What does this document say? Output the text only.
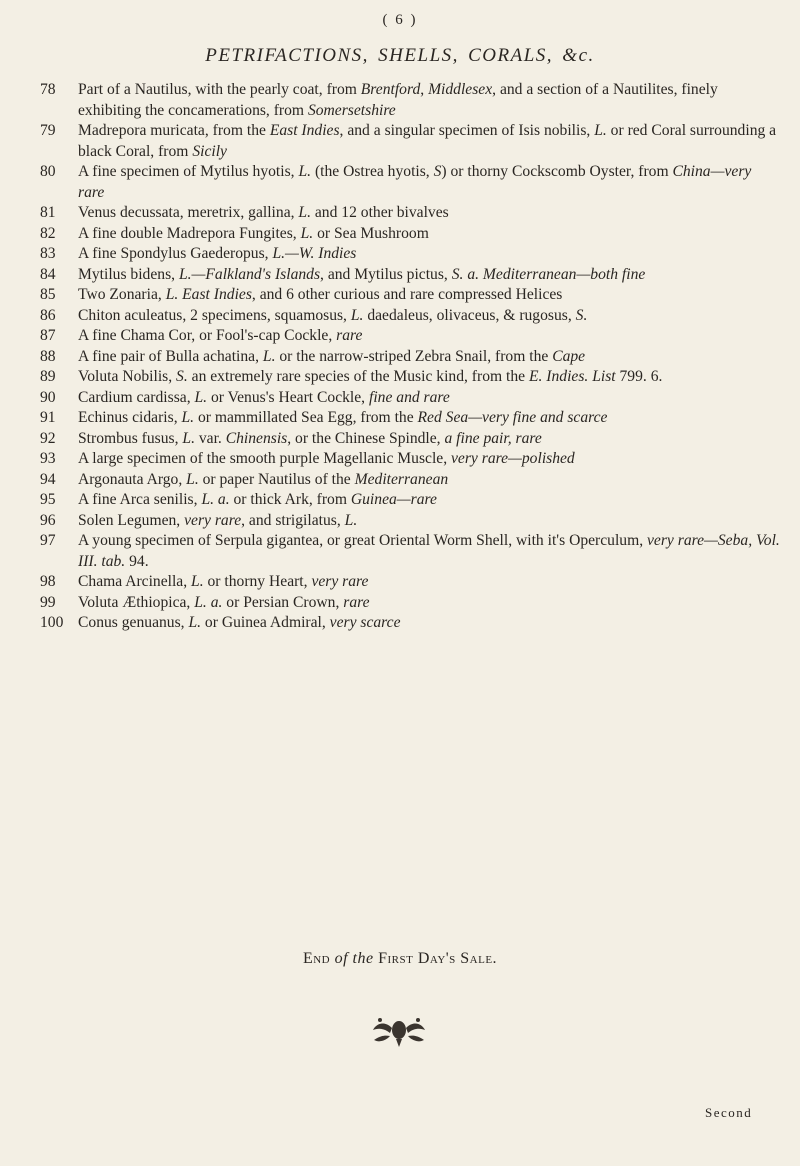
( 6 )
PETRIFACTIONS, SHELLS, CORALS, &c.
78	Part of a Nautilus, with the pearly coat, from Brentford, Middlesex, and a section of a Nautilites, finely exhibiting the concamerations, from Somersetshire
79	Madrepora muricata, from the East Indies, and a singular specimen of Isis nobilis, L. or red Coral surrounding a black Coral, from Sicily
80	A fine specimen of Mytilus hyotis, L. (the Ostrea hyotis, S) or thorny Cockscomb Oyster, from China—very rare
81	Venus decussata, meretrix, gallina, L. and 12 other bivalves
82	A fine double Madrepora Fungites, L. or Sea Mushroom
83	A fine Spondylus Gaederopus, L.—W. Indies
84	Mytilus bidens, L.—Falkland's Islands, and Mytilus pictus, S. a. Mediterranean—both fine
85	Two Zonaria, L. East Indies, and 6 other curious and rare compressed Helices
86	Chiton aculeatus, 2 specimens, squamosus, L. daedaleus, olivaceus, & rugosus, S.
87	A fine Chama Cor, or Fool's-cap Cockle, rare
88	A fine pair of Bulla achatina, L. or the narrow-striped Zebra Snail, from the Cape
89	Voluta Nobilis, S. an extremely rare species of the Music kind, from the E. Indies. List 799. 6.
90	Cardium cardissa, L. or Venus's Heart Cockle, fine and rare
91	Echinus cidaris, L. or mammillated Sea Egg, from the Red Sea—very fine and scarce
92	Strombus fusus, L. var. Chinensis, or the Chinese Spindle, a fine pair, rare
93	A large specimen of the smooth purple Magellanic Muscle, very rare—polished
94	Argonauta Argo, L. or paper Nautilus of the Mediterranean
95	A fine Arca senilis, L. a. or thick Ark, from Guinea—rare
96	Solen Legumen, very rare, and strigilatus, L.
97	A young specimen of Serpula gigantea, or great Oriental Worm Shell, with it's Operculum, very rare—Seba, Vol. III. tab. 94.
98	Chama Arcinella, L. or thorny Heart, very rare
99	Voluta Æthiopica, L. a. or Persian Crown, rare
100 Conus genuanus, L. or Guinea Admiral, very scarce
End of the First Day's Sale.
Second
